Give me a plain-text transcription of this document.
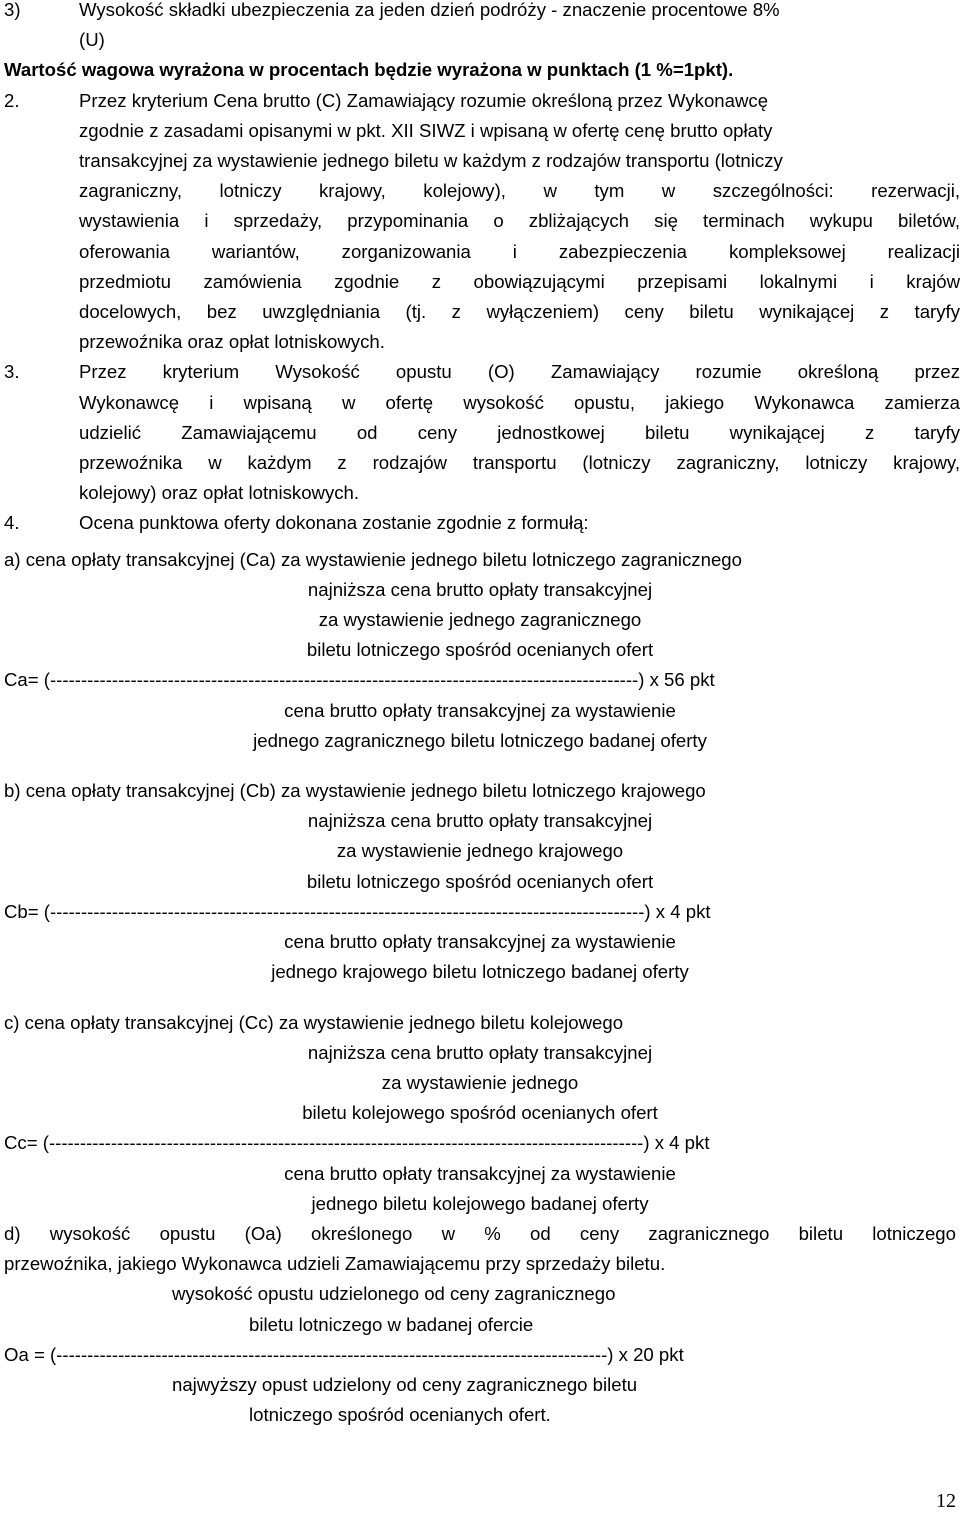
3)	Wysokość składki ubezpieczenia za jeden dzień podróży - znaczenie procentowe 8%
(U)
Wartość wagowa wyrażona w procentach będzie wyrażona w punktach (1 %=1pkt).
2.	Przez kryterium Cena brutto (C) Zamawiający rozumie określoną przez Wykonawcę
zgodnie z zasadami opisanymi w pkt. XII SIWZ i wpisaną w ofertę cenę brutto opłaty
transakcyjnej za wystawienie jednego biletu w każdym z rodzajów transportu (lotniczy
zagraniczny, lotniczy krajowy, kolejowy), w tym w szczególności: rezerwacji,
wystawienia i sprzedaży, przypominania o zbliżających się terminach wykupu biletów,
oferowania wariantów, zorganizowania i zabezpieczenia kompleksowej realizacji
przedmiotu zamówienia zgodnie z obowiązującymi przepisami lokalnymi i krajów
docelowych, bez uwzględniania (tj. z wyłączeniem) ceny biletu wynikającej z taryfy
przewoźnika oraz opłat lotniskowych.
3.	Przez kryterium Wysokość opustu (O) Zamawiający rozumie określoną przez
Wykonawcę i wpisaną w ofertę wysokość opustu, jakiego Wykonawca zamierza
udzielić Zamawiającemu od ceny jednostkowej biletu wynikającej z taryfy
przewoźnika w każdym z rodzajów transportu (lotniczy zagraniczny, lotniczy krajowy,
kolejowy) oraz opłat lotniskowych.
4.	Ocena punktowa oferty dokonana zostanie zgodnie z formułą:
a) cena opłaty transakcyjnej (Ca) za wystawienie jednego biletu lotniczego zagranicznego
najniższa cena brutto opłaty transakcyjnej
za wystawienie jednego zagranicznego
biletu lotniczego spośród ocenianych ofert
Ca= (-----------------------------------------------------------------------------------------------) x 56 pkt
cena brutto opłaty transakcyjnej za wystawienie
jednego zagranicznego biletu lotniczego badanej oferty
b) cena opłaty transakcyjnej (Cb) za wystawienie jednego biletu lotniczego krajowego
najniższa cena brutto opłaty transakcyjnej
za wystawienie jednego krajowego
biletu lotniczego spośród ocenianych ofert
Cb= (------------------------------------------------------------------------------------------------) x 4 pkt
cena brutto opłaty transakcyjnej za wystawienie
jednego krajowego biletu lotniczego badanej oferty
c) cena opłaty transakcyjnej (Cc) za wystawienie jednego biletu kolejowego
najniższa cena brutto opłaty transakcyjnej
za wystawienie jednego
biletu kolejowego spośród ocenianych ofert
Cc= (------------------------------------------------------------------------------------------------) x 4 pkt
cena brutto opłaty transakcyjnej za wystawienie
jednego biletu kolejowego badanej oferty
d) wysokość opustu (Oa) określonego w % od ceny zagranicznego biletu lotniczego
przewoźnika, jakiego Wykonawca udzieli Zamawiającemu przy sprzedaży biletu.
wysokość opustu udzielonego od ceny zagranicznego
biletu lotniczego w badanej ofercie
Oa = (-----------------------------------------------------------------------------------------) x 20 pkt
najwyższy opust udzielony od ceny zagranicznego biletu
lotniczego spośród ocenianych ofert.
12
